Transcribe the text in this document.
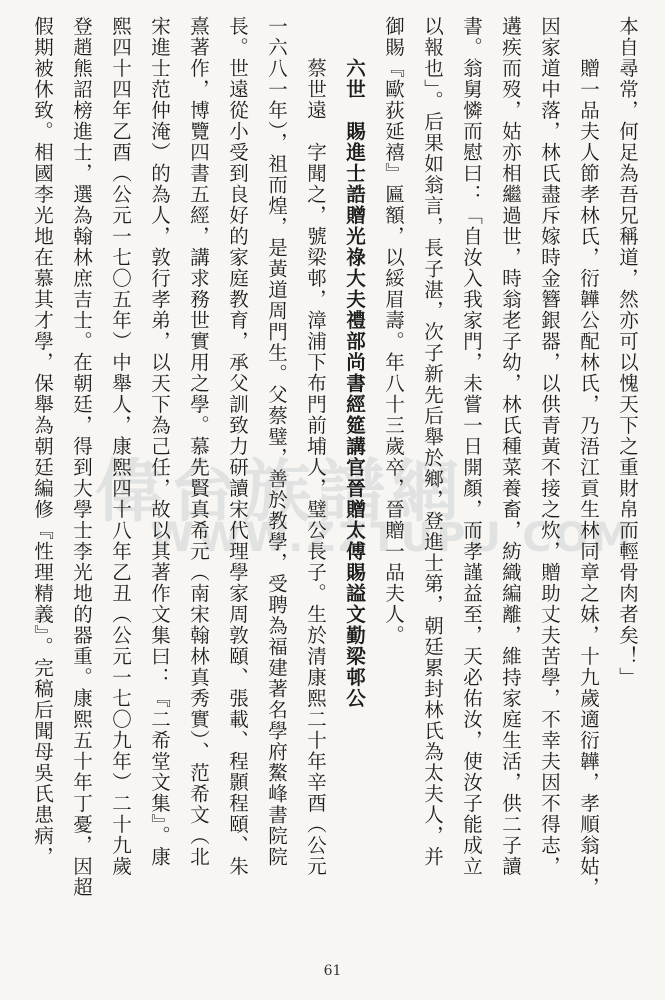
偉台族譜網
WWW.ZZTUPU.COM
本自尋常，何足為吾兄稱道，然亦可以愧天下之重財帛而輕骨肉者矣！」
　　贈一品夫人節孝林氏，衍韡公配林氏，乃浯江貢生林同章之妹，十九歲適衍韡，孝順翁姑，
因家道中落，林氏盡斥嫁時金簪銀器，以供青黃不接之炊，贈助丈夫苦學，不幸夫因不得志，
遘疾而歿，姑亦相繼過世，時翁老子幼，林氏種菜養畜，紡織編離，維持家庭生活，供二子讀
書。翁舅憐而慰曰：「自汝入我家門，未嘗一日開顏，而孝謹益至，天必佑汝，使汝子能成立
以報也」。后果如翁言，長子湛，次子新先后舉於鄉，登進士第，朝廷累封林氏為太夫人，并
御賜『歐荻延禧』匾額，以綏眉壽。年八十三歲卒，晉贈一品夫人。
　　六世　賜進士誥贈光祿大夫禮部尚書經筵講官晉贈太傅賜謚文勤梁邨公
　　蔡世遠　字聞之，號梁邨，漳浦下布門前埔人，璧公長子。生於清康熙二十年辛酉（公元
一六八一年），祖而煌，是黃道周門生。父蔡璧，善於教學，受聘為福建著名學府鰲峰書院院
長。世遠從小受到良好的家庭教育，承父訓致力研讀宋代理學家周敦頤、張載、程顥程頤、朱
熹著作，博覽四書五經，講求務世實用之學。慕先賢真希元（南宋翰林真秀實）、范希文（北
宋進士范仲淹）的為人，敦行孝弟，以天下為己任，故以其著作文集曰：『二希堂文集』。康
熙四十四年乙酉（公元一七〇五年）中舉人，康熙四十八年乙丑（公元一七〇九年）二十九歲
登趙熊詔榜進士，選為翰林庶吉士。在朝廷，得到大學士李光地的器重。康熙五十年丁憂，因超
假期被休致。相國李光地在慕其才學，保舉為朝廷編修『性理精義』。完稿后聞母吳氏患病，
61
